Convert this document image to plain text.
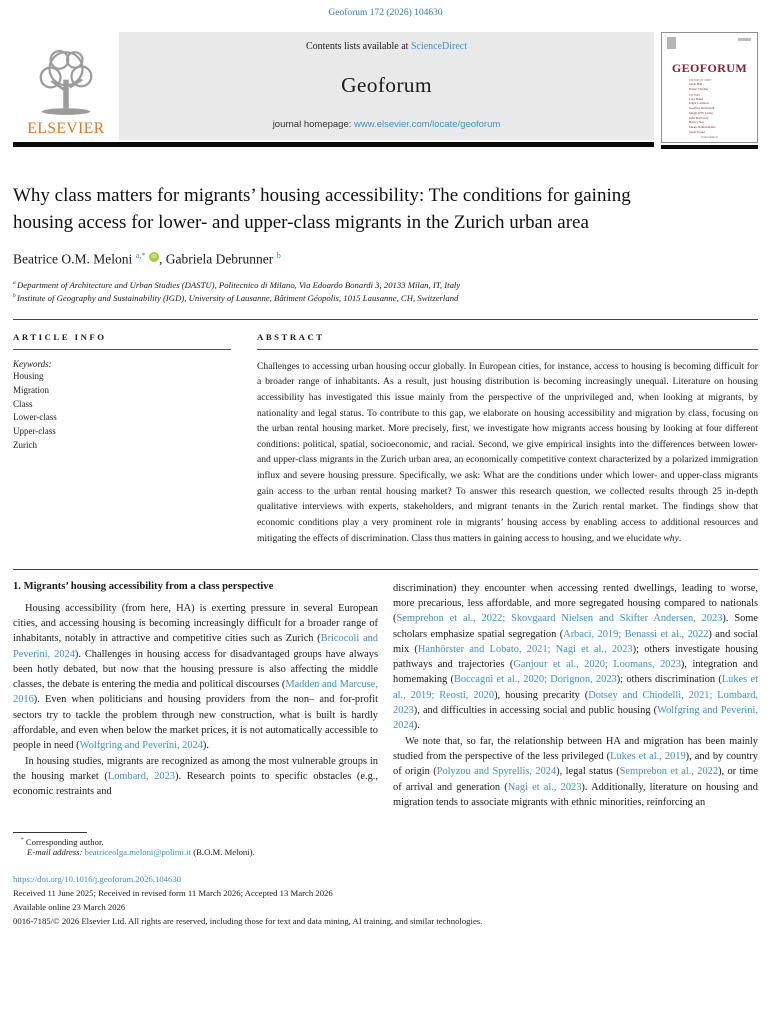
Geoforum 172 (2026) 104630
ELSEVIER
Contents lists available at ScienceDirect
Geoforum
journal homepage: www.elsevier.com/locate/geoforum
GEOFORUM
EDITORS IN CHIEF
Sarah Hall
Robert Fletcher
EDITORS
Lucy Baker
Edgar Cardenas
Geoffrey DeVerteuil
Maggi W.H. Leung
Julie MacLeavy
Harvey Neo
Maano Ramutsindela
Sarah Turner
ScienceDirect
Why class matters for migrants’ housing accessibility: The conditions for gaining housing access for lower- and upper-class migrants in the Zurich urban area
Beatrice O.M. Meloni $^{a,*}$ iD , Gabriela Debrunner $^b$

$^a$ Department of Architecture and Urban Studies (DASTU), Politecnico di Milano, Via Edoardo Bonardi 3, 20133 Milan, IT, Italy

$^b$ Institute of Geography and Sustainability (IGD), University of Lausanne, Bâtiment Géopolis, 1015 Lausanne, CH, Switzerland

ARTICLE INFO
Keywords:
Housing
Migration
Class
Lower-class
Upper-class
Zurich
ABSTRACT
Challenges to accessing urban housing occur globally. In European cities, for instance, access to housing is becoming difficult for a broader range of inhabitants. As a result, just housing distribution is becoming increasingly unequal. Literature on housing accessibility has investigated this issue mainly from the perspective of the unprivileged and, when looking at migrants, by nationality and legal status. To contribute to this gap, we elaborate on housing accessibility and migration by class, focusing on the urban rental housing market. More precisely, first, we investigate how migrants access housing by looking at four different conditions: political, spatial, socioeconomic, and racial. Second, we give empirical insights into the differences between lower- and upper-class migrants in the Zurich urban area, an economically competitive context characterized by a polarized immigration influx and severe housing pressure. Specifically, we ask: What are the conditions under which lower- and upper-class migrants gain access to the urban rental housing market? To answer this research question, we collected results through 25 in-depth qualitative interviews with experts, stakeholders, and migrant tenants in the Zurich rental market. The findings show that economic conditions play a very prominent role in migrants’ housing access by enabling access to additional resources and mitigating the effects of discrimination. Class thus matters in gaining access to housing, and we elucidate why.
1. Migrants’ housing accessibility from a class perspective

Housing accessibility (from here, HA) is exerting pressure in several European cities, and accessing housing is becoming increasingly difficult for a broader range of inhabitants, notably in attractive and competitive cities such as Zurich (Bricocoli and Peverini, 2024). Challenges in housing access for disadvantaged groups have always been hotly debated, but now that the housing pressure is also affecting the middle classes, the debate is entering the media and political discourses (Madden and Marcuse, 2016). Even when politicians and housing providers from the non– and for-profit sectors try to tackle the problem through new construction, what is built is hardly affordable, and even when below the market prices, it is not automatically accessible to people in need (Wolfgring and Peverini, 2024).

In housing studies, migrants are recognized as among the most vulnerable groups in the housing market (Lombard, 2023). Research points to specific obstacles (e.g., economic restraints and

discrimination) they encounter when accessing rented dwellings, leading to worse, more precarious, less affordable, and more segregated housing compared to nationals (Semprebon et al., 2022; Skovgaard Nielsen and Skifter Andersen, 2023). Some scholars emphasize spatial segregation (Arbaci, 2019; Benassi et al., 2022) and social mix (Hanhörster and Lobato, 2021; Nagi et al., 2023); others investigate housing pathways and trajectories (Ganjour et al., 2020; Loomans, 2023), integration and homemaking (Boccagni et al., 2020; Dorignon, 2023); others discrimination (Lukes et al., 2019; Reosti, 2020), housing precarity (Dotsey and Chiodelli, 2021; Lombard, 2023), and difficulties in accessing social and public housing (Wolfgring and Peverini, 2024).

We note that, so far, the relationship between HA and migration has been mainly studied from the perspective of the less privileged (Lukes et al., 2019), and by country of origin (Polyzou and Spyrellis, 2024), legal status (Semprebon et al., 2022), or time of arrival and generation (Nagi et al., 2023). Additionally, literature on housing and migration tends to associate migrants with ethnic minorities, reinforcing an

* Corresponding author.
E-mail address: beatriceolga.meloni@polimi.it (B.O.M. Meloni).
https://doi.org/10.1016/j.geoforum.2026.104630
Received 11 June 2025; Received in revised form 11 March 2026; Accepted 13 March 2026
Available online 23 March 2026
0016-7185/© 2026 Elsevier Ltd. All rights are reserved, including those for text and data mining, AI training, and similar technologies.
